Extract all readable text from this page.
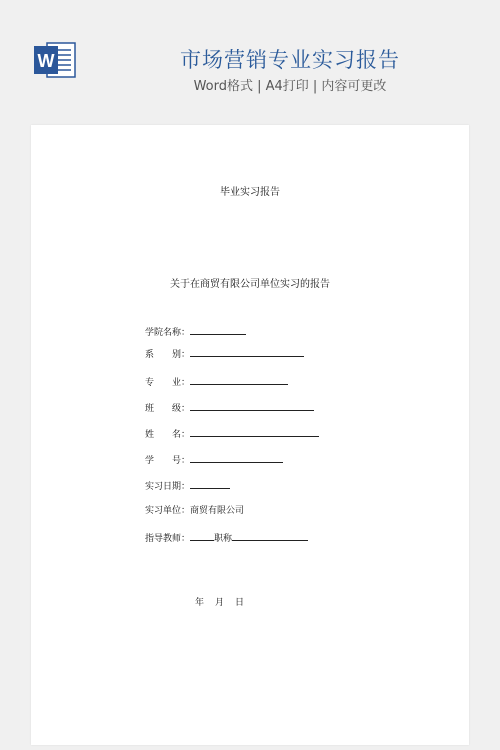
W	市场营销专业实习报告
Word格式 | A4打印 | 内容可更改
毕业实习报告
关于在商贸有限公司单位实习的报告
学院名称：
系　　别：
专　　业：
班　　级：
姓　　名：
学　　号：
实习日期：
实习单位：商贸有限公司
指导教师：	职称
年　月　日
